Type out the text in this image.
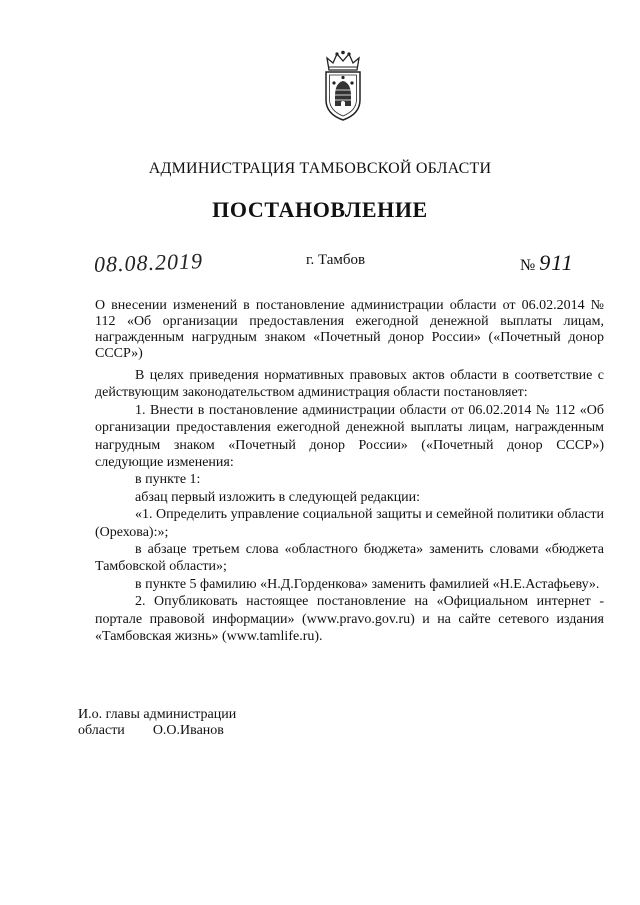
АДМИНИСТРАЦИЯ ТАМБОВСКОЙ ОБЛАСТИ
ПОСТАНОВЛЕНИЕ
08.08.2019	г. Тамбов	№ 911
О внесении изменений в постановление администрации области от 06.02.2014 № 112 «Об организации предоставления ежегодной денежной выплаты лицам, награжденным нагрудным знаком «Почетный донор России» («Почетный донор СССР»)

В целях приведения нормативных правовых актов области в соответствие с действующим законодательством администрация области постановляет:

1. Внести в постановление администрации области от 06.02.2014 № 112 «Об организации предоставления ежегодной денежной выплаты лицам, награжденным нагрудным знаком «Почетный донор России» («Почетный донор СССР») следующие изменения:

в пункте 1:

абзац первый изложить в следующей редакции:

«1. Определить управление социальной защиты и семейной политики области (Орехова):»;

в абзаце третьем слова «областного бюджета» заменить словами «бюджета Тамбовской области»;

в пункте 5 фамилию «Н.Д.Горденкова» заменить фамилией «Н.Е.Астафьеву».

2. Опубликовать настоящее постановление на «Официальном интернет - портале правовой информации» (www.pravo.gov.ru) и на сайте сетевого издания «Тамбовская жизнь» (www.tamlife.ru).

И.о. главы администрации
области О.О.Иванов
